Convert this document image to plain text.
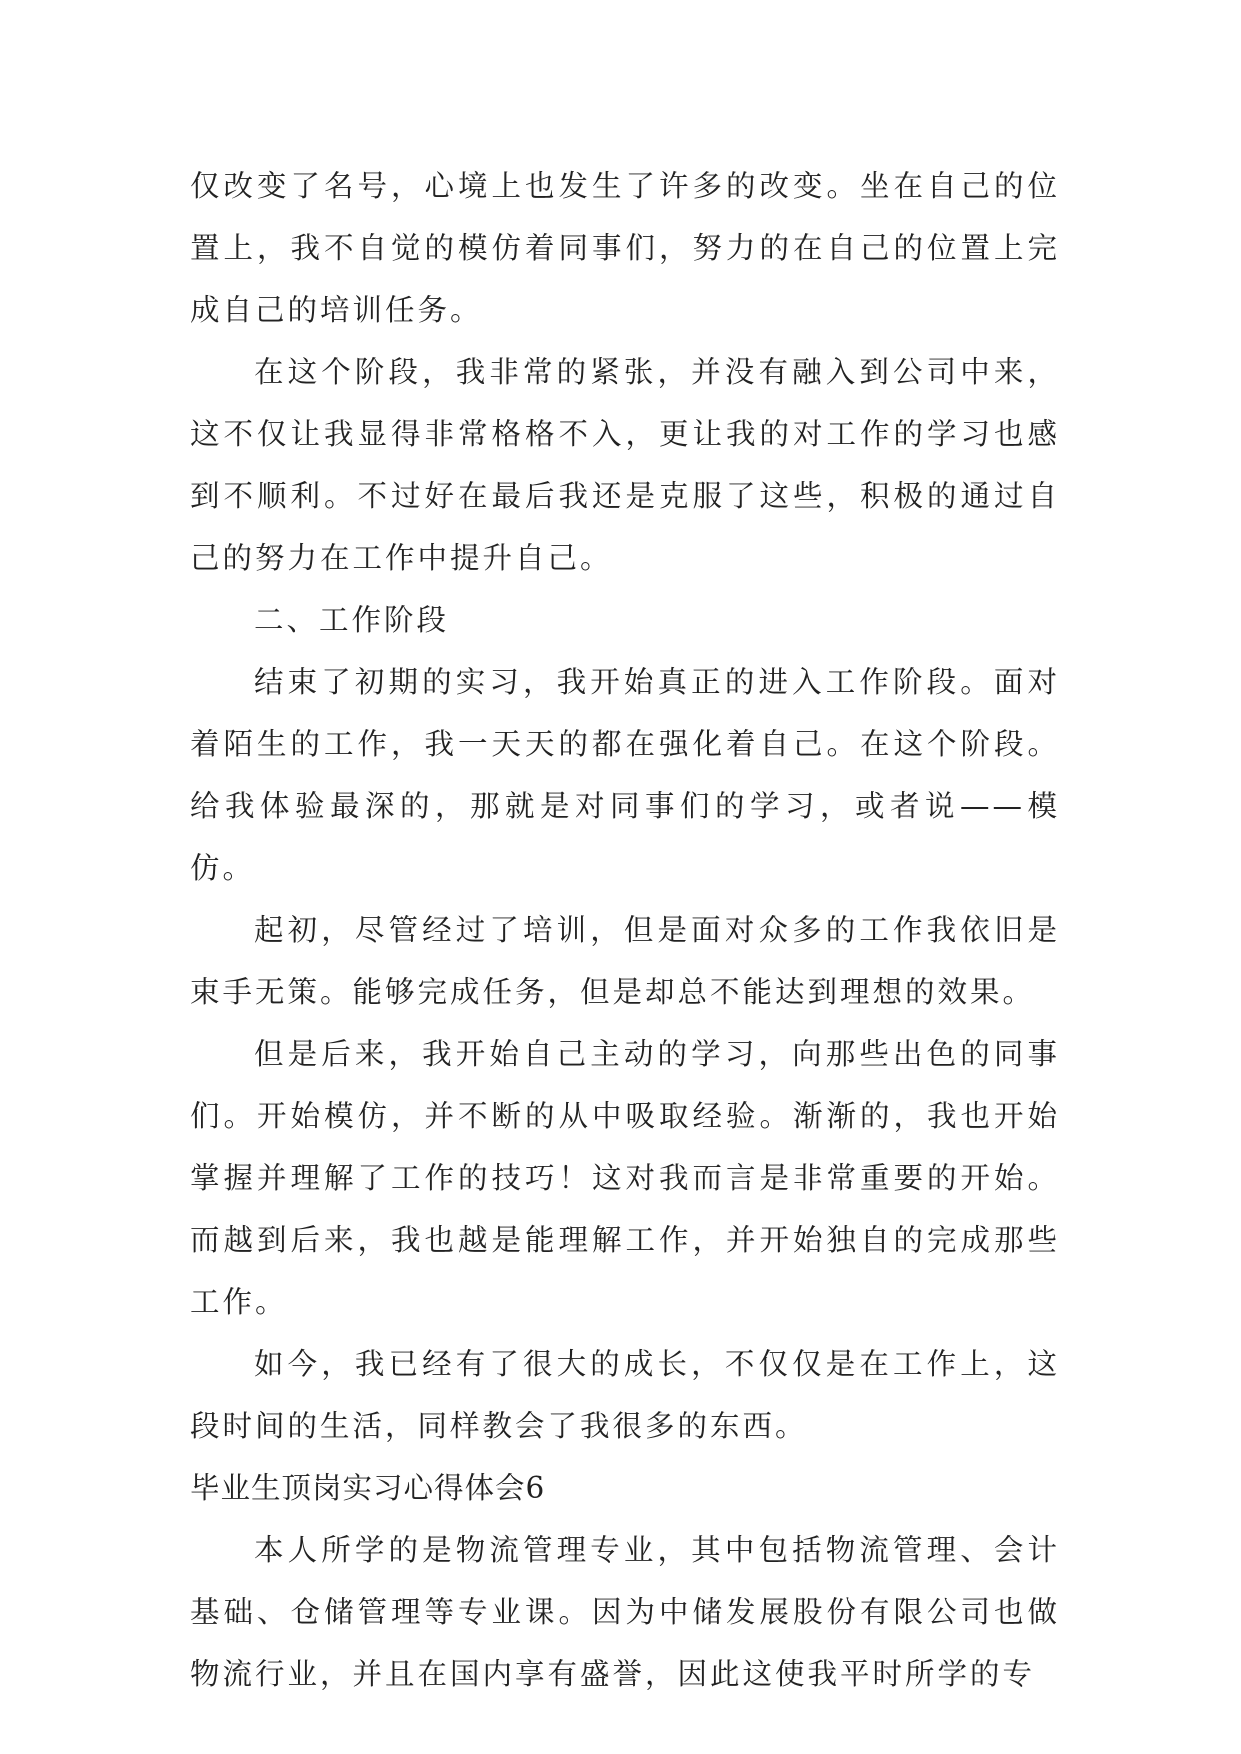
仅改变了名号，心境上也发生了许多的改变。坐在自己的位置上，我不自觉的模仿着同事们，努力的在自己的位置上完成自己的培训任务。

在这个阶段，我非常的紧张，并没有融入到公司中来，这不仅让我显得非常格格不入，更让我的对工作的学习也感到不顺利。不过好在最后我还是克服了这些，积极的通过自己的努力在工作中提升自己。

二、工作阶段

结束了初期的实习，我开始真正的进入工作阶段。面对着陌生的工作，我一天天的都在强化着自己。在这个阶段。给我体验最深的，那就是对同事们的学习，或者说——模仿。

起初，尽管经过了培训，但是面对众多的工作我依旧是束手无策。能够完成任务，但是却总不能达到理想的效果。

但是后来，我开始自己主动的学习，向那些出色的同事们。开始模仿，并不断的从中吸取经验。渐渐的，我也开始掌握并理解了工作的技巧！这对我而言是非常重要的开始。而越到后来，我也越是能理解工作，并开始独自的完成那些工作。

如今，我已经有了很大的成长，不仅仅是在工作上，这段时间的生活，同样教会了我很多的东西。

毕业生顶岗实习心得体会6

本人所学的是物流管理专业，其中包括物流管理、会计基础、仓储管理等专业课。因为中储发展股份有限公司也做物流行业，并且在国内享有盛誉，因此这使我平时所学的专
